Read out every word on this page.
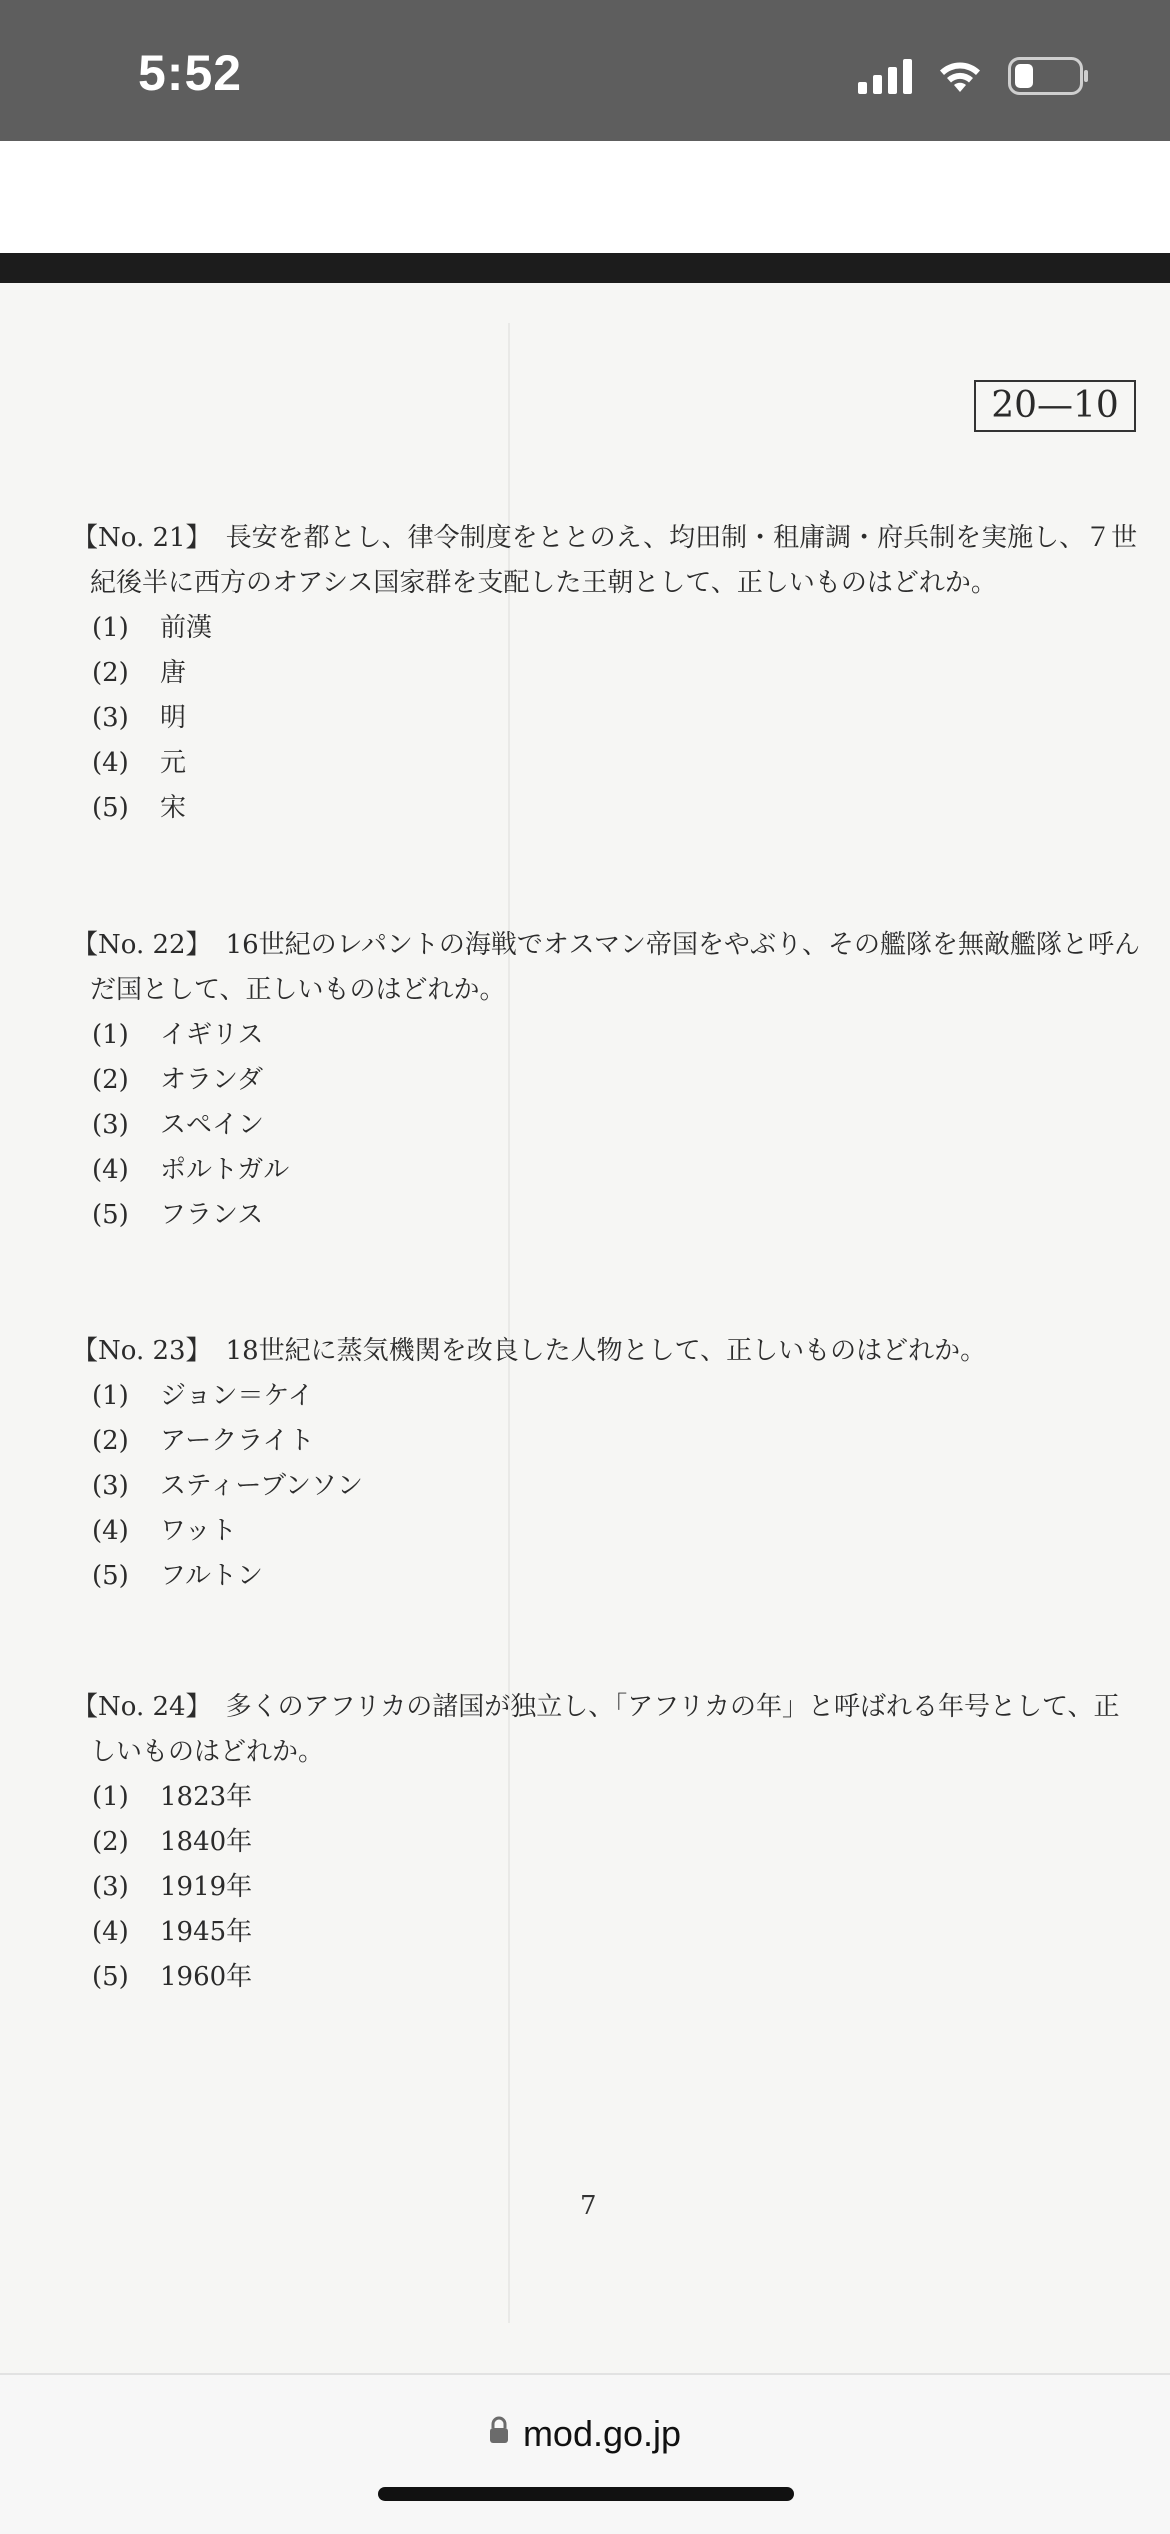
5:52
20—10

【No. 21】 長安を都とし、律令制度をととのえ、均田制・租庸調・府兵制を実施し、７世紀後半に西方のオアシス国家群を支配した王朝として、正しいものはどれか。

(1)	前漢
(2)	唐
(3)	明
(4)	元
(5)	宋

【No. 22】 16世紀のレパントの海戦でオスマン帝国をやぶり、その艦隊を無敵艦隊と呼んだ国として、正しいものはどれか。

(1)	イギリス
(2)	オランダ
(3)	スペイン
(4)	ポルトガル
(5)	フランス

【No. 23】 18世紀に蒸気機関を改良した人物として、正しいものはどれか。

(1)	ジョン＝ケイ
(2)	アークライト
(3)	スティーブンソン
(4)	ワット
(5)	フルトン

【No. 24】 多くのアフリカの諸国が独立し、「アフリカの年」と呼ばれる年号として、正しいものはどれか。

(1)	1823年
(2)	1840年
(3)	1919年
(4)	1945年
(5)	1960年
7
mod.go.jp
